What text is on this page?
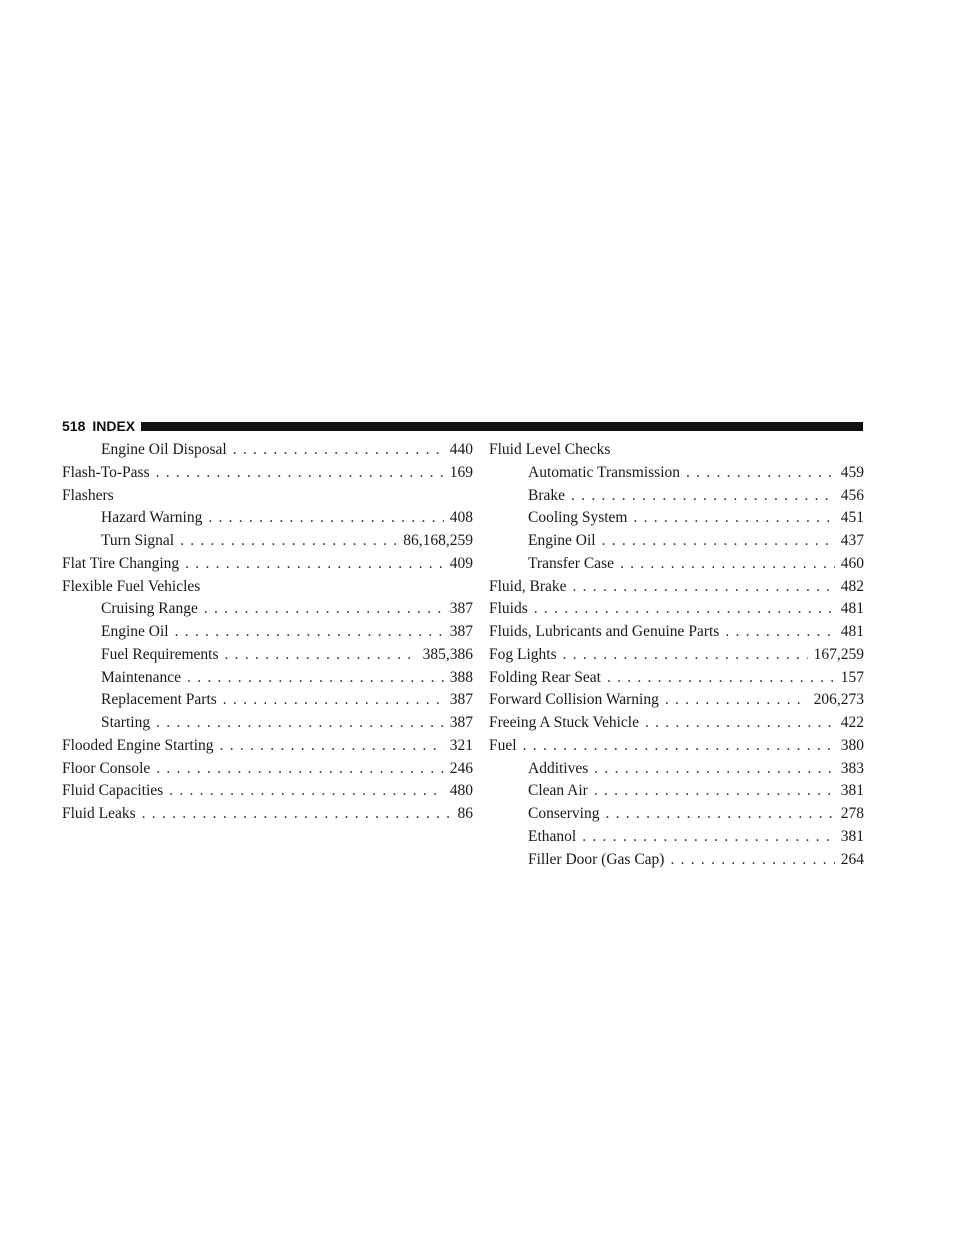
518 INDEX
Engine Oil Disposal . . .	440
Flash-To-Pass . . .	169
Flashers
Hazard Warning . . .	408
Turn Signal . . .	86,168,259
Flat Tire Changing . . .	409
Flexible Fuel Vehicles
Cruising Range . . .	387
Engine Oil . . .	387
Fuel Requirements . . .	385,386
Maintenance . . .	388
Replacement Parts . . .	387
Starting . . .	387
Flooded Engine Starting . . .	321
Floor Console . . .	246
Fluid Capacities . . .	480
Fluid Leaks . . .	86
Fluid Level Checks
Automatic Transmission . . .	459
Brake . . .	456
Cooling System . . .	451
Engine Oil . . .	437
Transfer Case . . .	460
Fluid, Brake . . .	482
Fluids . . .	481
Fluids, Lubricants and Genuine Parts . . .	481
Fog Lights . . .	167,259
Folding Rear Seat . . .	157
Forward Collision Warning . . .	206,273
Freeing A Stuck Vehicle . . .	422
Fuel . . .	380
Additives . . .	383
Clean Air . . .	381
Conserving . . .	278
Ethanol . . .	381
Filler Door (Gas Cap) . . .	264
